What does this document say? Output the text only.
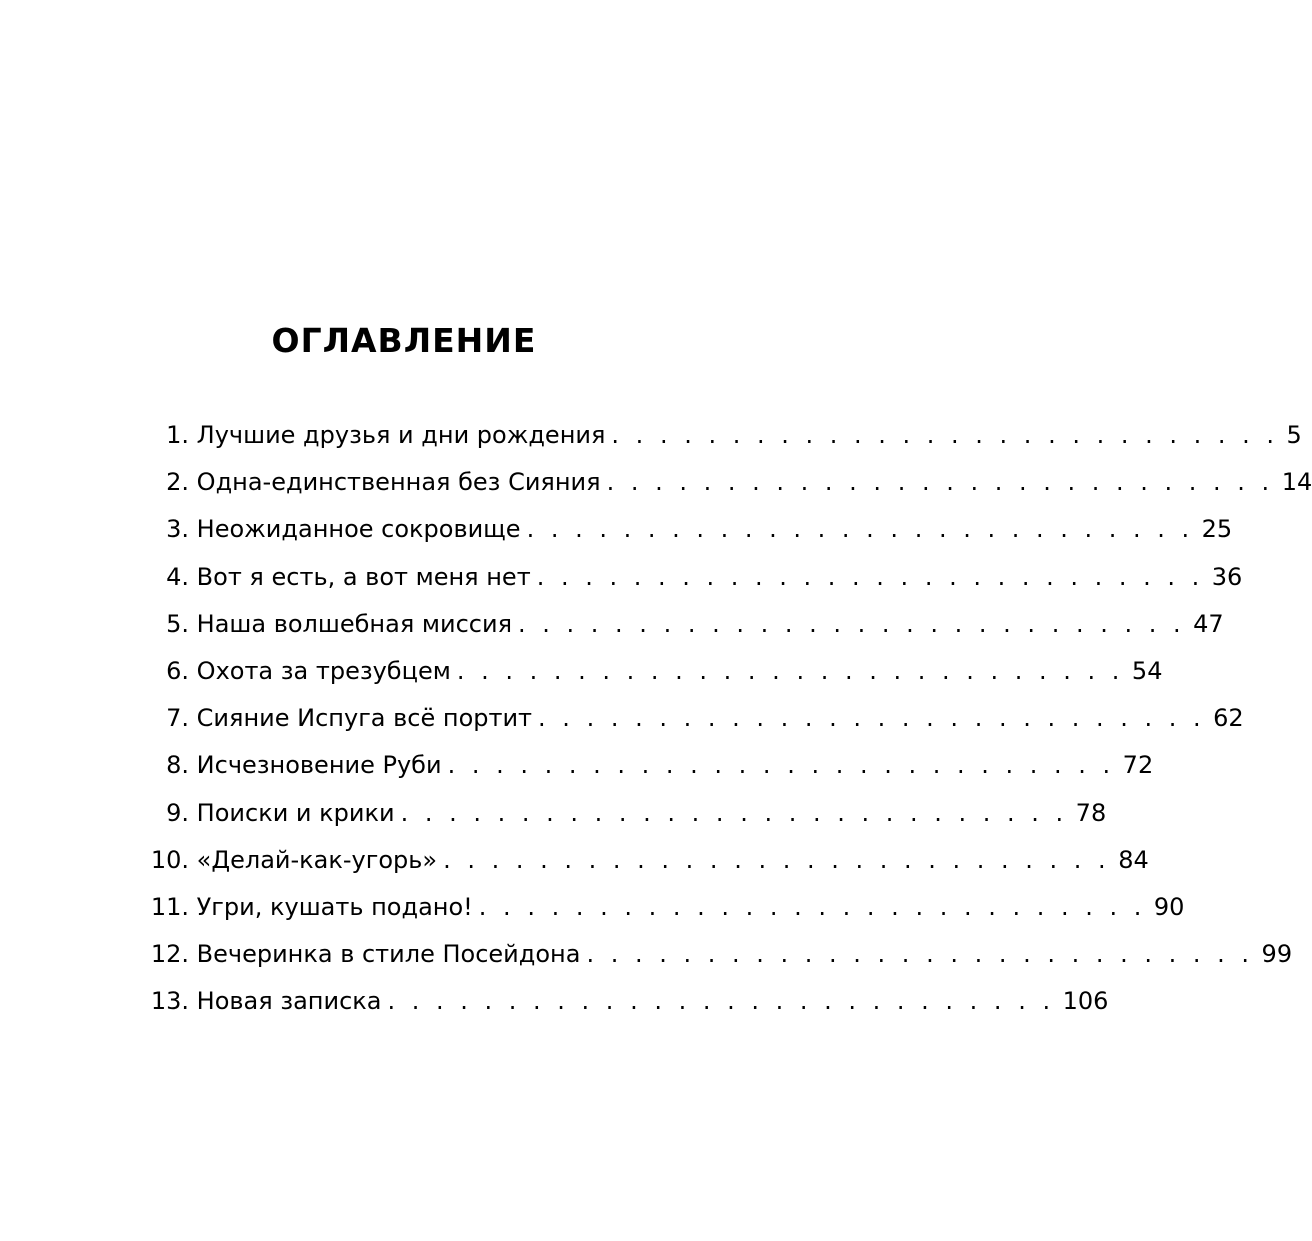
ОГЛАВЛЕНИЕ
1. Лучшие друзья и дни рождения . . . . . . . . . . . . . . . . . . . . . . . . . . . . 5
2. Одна-единственная без Сияния . . . . . . . . . . . . . . . . . . . . . . . . . . . . 14
3. Неожиданное сокровище . . . . . . . . . . . . . . . . . . . . . . . . . . . . 25
4. Вот я есть, а вот меня нет . . . . . . . . . . . . . . . . . . . . . . . . . . . . 36
5. Наша волшебная миссия . . . . . . . . . . . . . . . . . . . . . . . . . . . . 47
6. Охота за трезубцем . . . . . . . . . . . . . . . . . . . . . . . . . . . . 54
7. Сияние Испуга всё портит . . . . . . . . . . . . . . . . . . . . . . . . . . . . 62
8. Исчезновение Руби . . . . . . . . . . . . . . . . . . . . . . . . . . . . 72
9. Поиски и крики . . . . . . . . . . . . . . . . . . . . . . . . . . . . 78
10. «Делай-как-угорь» . . . . . . . . . . . . . . . . . . . . . . . . . . . . 84
11. Угри, кушать подано! . . . . . . . . . . . . . . . . . . . . . . . . . . . . 90
12. Вечеринка в стиле Посейдона . . . . . . . . . . . . . . . . . . . . . . . . . . . . 99
13. Новая записка . . . . . . . . . . . . . . . . . . . . . . . . . . . . 106
